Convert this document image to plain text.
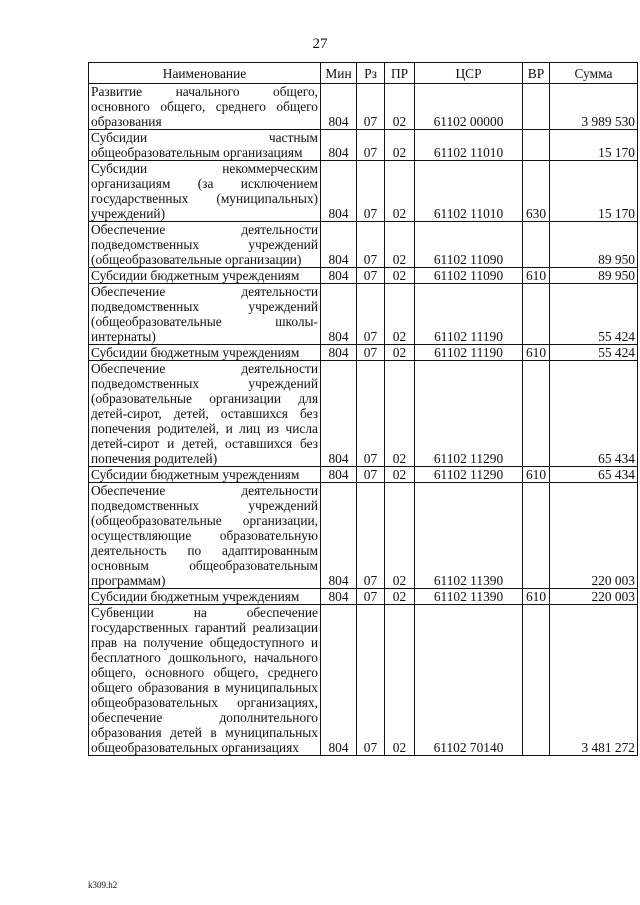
27
Наименование	Мин	Рз	ПР	ЦСР	ВР	Сумма
Развитие начального общего, основного общего, среднего общего образования	804	07	02	61102 00000		3 989 530
Субсидии частным общеобразовательным организациям	804	07	02	61102 11010		15 170
Субсидии некоммерческим организациям (за исключением государственных (муниципальных) учреждений)	804	07	02	61102 11010	630	15 170
Обеспечение деятельности подведомственных учреждений (общеобразовательные организации)	804	07	02	61102 11090		89 950
Субсидии бюджетным учреждениям	804	07	02	61102 11090	610	89 950
Обеспечение деятельности подведомственных учреждений (общеобразовательные школы-интернаты)	804	07	02	61102 11190		55 424
Субсидии бюджетным учреждениям	804	07	02	61102 11190	610	55 424
Обеспечение деятельности подведомственных учреждений (образовательные организации для детей-сирот, детей, оставшихся без попечения родителей, и лиц из числа детей-сирот и детей, оставшихся без попечения родителей)	804	07	02	61102 11290		65 434
Субсидии бюджетным учреждениям	804	07	02	61102 11290	610	65 434
Обеспечение деятельности подведомственных учреждений (общеобразовательные организации, осуществляющие образовательную деятельность по адаптированным основным общеобразовательным программам)	804	07	02	61102 11390		220 003
Субсидии бюджетным учреждениям	804	07	02	61102 11390	610	220 003
Субвенции на обеспечение государственных гарантий реализации прав на получение общедоступного и бесплатного дошкольного, начального общего, основного общего, среднего общего образования в муниципальных общеобразовательных организациях, обеспечение дополнительного образования детей в муниципальных общеобразовательных организациях	804	07	02	61102 70140		3 481 272
k309.h2
